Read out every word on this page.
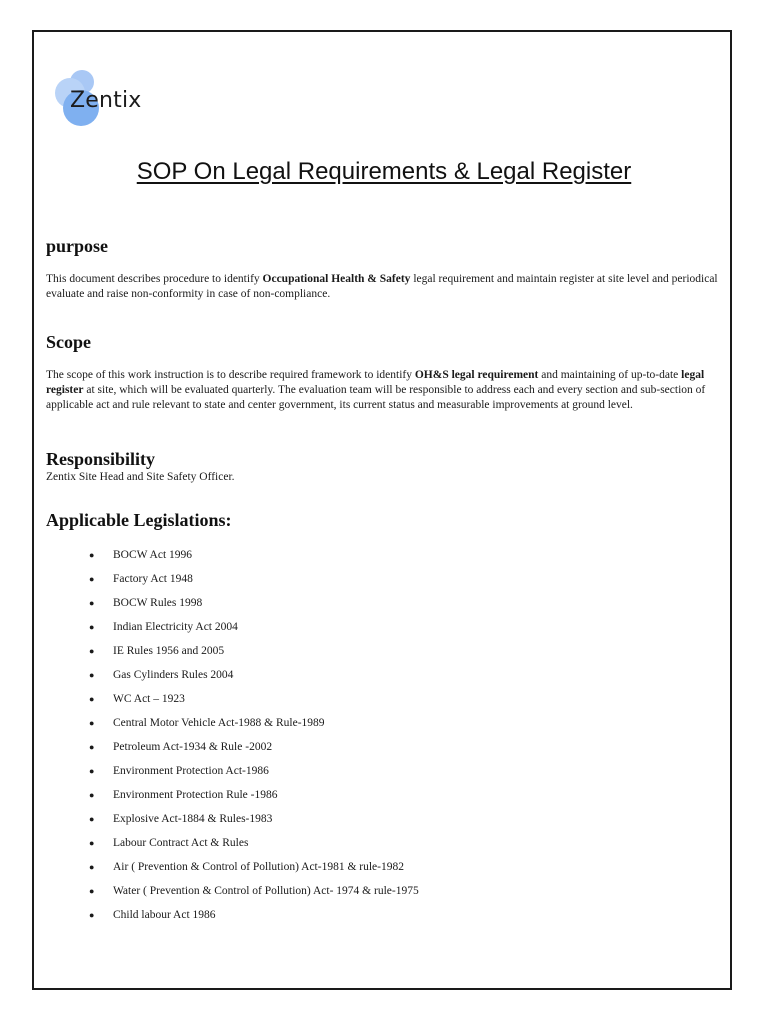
Zentix
SOP On Legal Requirements & Legal Register
purpose
This document describes procedure to identify Occupational Health & Safety legal requirement and maintain register at site level and periodical evaluate and raise non-conformity in case of non-compliance.
Scope
The scope of this work instruction is to describe required framework to identify OH&S legal requirement and maintaining of up-to-date legal register at site, which will be evaluated quarterly. The evaluation team will be responsible to address each and every section and sub-section of applicable act and rule relevant to state and center government, its current status and measurable improvements at ground level.
Responsibility
Zentix Site Head and Site Safety Officer.
Applicable Legislations:
● BOCW Act 1996
● Factory Act 1948
● BOCW Rules 1998
● Indian Electricity Act 2004
● IE Rules 1956 and 2005
● Gas Cylinders Rules 2004
● WC Act – 1923
● Central Motor Vehicle Act-1988 & Rule-1989
● Petroleum Act-1934 & Rule -2002
● Environment Protection Act-1986
● Environment Protection Rule -1986
● Explosive Act-1884 & Rules-1983
● Labour Contract Act & Rules
● Air ( Prevention & Control of Pollution) Act-1981 & rule-1982
● Water ( Prevention & Control of Pollution) Act- 1974 & rule-1975
● Child labour Act 1986
